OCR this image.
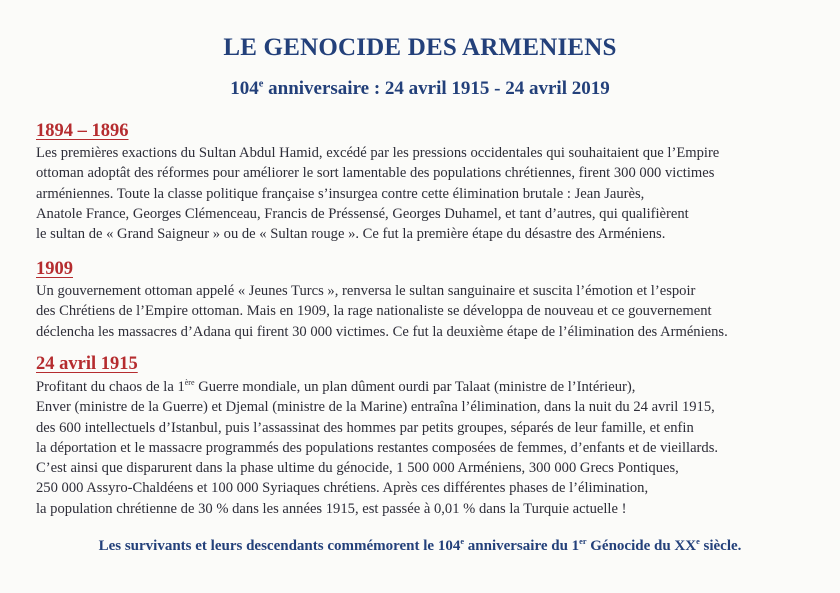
LE GENOCIDE DES ARMENIENS
104e anniversaire : 24 avril 1915 - 24 avril 2019
1894 – 1896
Les premières exactions du Sultan Abdul Hamid, excédé par les pressions occidentales qui souhaitaient que l’Empire
ottoman adoptât des réformes pour améliorer le sort lamentable des populations chrétiennes, firent 300 000 victimes
arméniennes. Toute la classe politique française s’insurgea contre cette élimination brutale : Jean Jaurès,
Anatole France, Georges Clémenceau, Francis de Préssensé, Georges Duhamel, et tant d’autres, qui qualifièrent
le sultan de « Grand Saigneur » ou de « Sultan rouge ». Ce fut la première étape du désastre des Arméniens.
1909
Un gouvernement ottoman appelé « Jeunes Turcs », renversa le sultan sanguinaire et suscita l’émotion et l’espoir
des Chrétiens de l’Empire ottoman. Mais en 1909, la rage nationaliste se développa de nouveau et ce gouvernement
déclencha les massacres d’Adana qui firent 30 000 victimes. Ce fut la deuxième étape de l’élimination des Arméniens.
24 avril 1915
Profitant du chaos de la 1ère Guerre mondiale, un plan dûment ourdi par Talaat (ministre de l’Intérieur),
Enver (ministre de la Guerre) et Djemal (ministre de la Marine) entraîna l’élimination, dans la nuit du 24 avril 1915,
des 600 intellectuels d’Istanbul, puis l’assassinat des hommes par petits groupes, séparés de leur famille, et enfin
la déportation et le massacre programmés des populations restantes composées de femmes, d’enfants et de vieillards.
C’est ainsi que disparurent dans la phase ultime du génocide, 1 500 000 Arméniens, 300 000 Grecs Pontiques,
250 000 Assyro-Chaldéens et 100 000 Syriaques chrétiens. Après ces différentes phases de l’élimination,
la population chrétienne de 30 % dans les années 1915, est passée à 0,01 % dans la Turquie actuelle !
Les survivants et leurs descendants commémorent le 104e anniversaire du 1er Génocide du XXe siècle.
